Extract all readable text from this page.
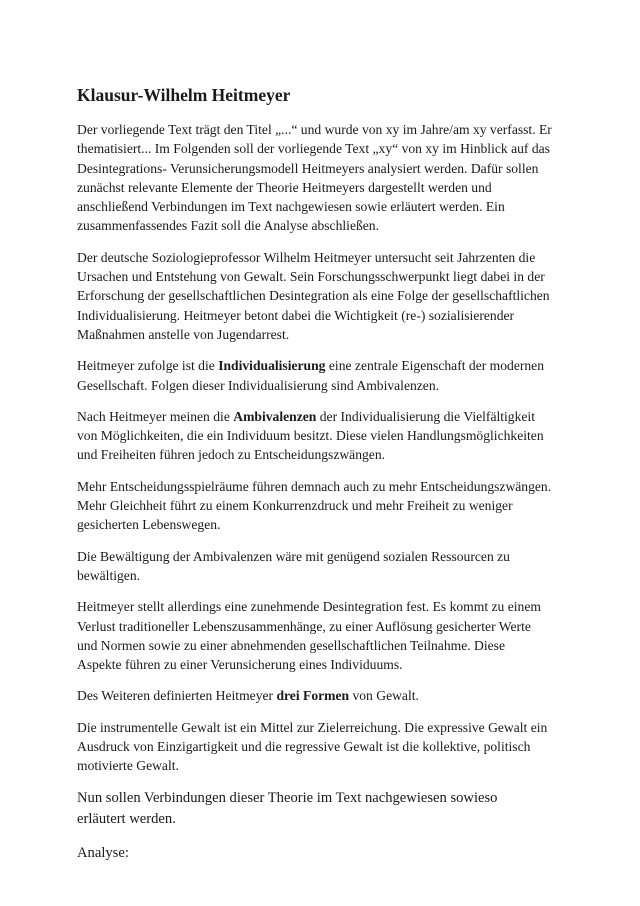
Klausur-Wilhelm Heitmeyer

Der vorliegende Text trägt den Titel „...“ und wurde von xy im Jahre/am xy verfasst. Er
thematisiert... Im Folgenden soll der vorliegende Text „xy“ von xy im Hinblick auf das
Desintegrations- Verunsicherungsmodell Heitmeyers analysiert werden. Dafür sollen
zunächst relevante Elemente der Theorie Heitmeyers dargestellt werden und
anschließend Verbindungen im Text nachgewiesen sowie erläutert werden. Ein
zusammenfassendes Fazit soll die Analyse abschließen.

Der deutsche Soziologieprofessor Wilhelm Heitmeyer untersucht seit Jahrzenten die
Ursachen und Entstehung von Gewalt. Sein Forschungsschwerpunkt liegt dabei in der
Erforschung der gesellschaftlichen Desintegration als eine Folge der gesellschaftlichen
Individualisierung. Heitmeyer betont dabei die Wichtigkeit (re-) sozialisierender
Maßnahmen anstelle von Jugendarrest.

Heitmeyer zufolge ist die Individualisierung eine zentrale Eigenschaft der modernen
Gesellschaft. Folgen dieser Individualisierung sind Ambivalenzen.

Nach Heitmeyer meinen die Ambivalenzen der Individualisierung die Vielfältigkeit
von Möglichkeiten, die ein Individuum besitzt. Diese vielen Handlungsmöglichkeiten
und Freiheiten führen jedoch zu Entscheidungszwängen.

Mehr Entscheidungsspielräume führen demnach auch zu mehr Entscheidungszwängen.
Mehr Gleichheit führt zu einem Konkurrenzdruck und mehr Freiheit zu weniger
gesicherten Lebenswegen.

Die Bewältigung der Ambivalenzen wäre mit genügend sozialen Ressourcen zu
bewältigen.

Heitmeyer stellt allerdings eine zunehmende Desintegration fest. Es kommt zu einem
Verlust traditioneller Lebenszusammenhänge, zu einer Auflösung gesicherter Werte
und Normen sowie zu einer abnehmenden gesellschaftlichen Teilnahme. Diese
Aspekte führen zu einer Verunsicherung eines Individuums.

Des Weiteren definierten Heitmeyer drei Formen von Gewalt.

Die instrumentelle Gewalt ist ein Mittel zur Zielerreichung. Die expressive Gewalt ein
Ausdruck von Einzigartigkeit und die regressive Gewalt ist die kollektive, politisch
motivierte Gewalt.

Nun sollen Verbindungen dieser Theorie im Text nachgewiesen sowieso
erläutert werden.

Analyse:
